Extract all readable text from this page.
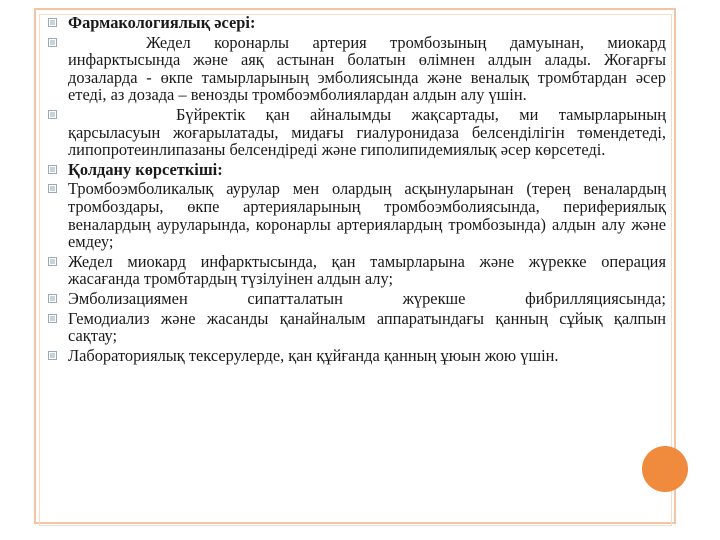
Фармакологиялық әсері:
Жедел коронарлы артерия тромбозының дамуынан, миокард инфарктысында және аяқ астынан болатын өлімнен алдын алады. Жоғарғы дозаларда - өкпе тамырларының эмболиясында және веналық тромбтардан әсер етеді, аз дозада – венозды тромбоэмболиялардан алдын алу үшін.
Бүйректік қан айналымды жақсартады, ми тамырларының қарсыласуын жоғарылатады, мидағы гиалуронидаза белсенділігін төмендетеді, липопротеинлипазаны белсендіреді және гиполипидемиялық әсер көрсетеді.
Қолдану көрсеткіші:
Тромбоэмболикалық аурулар мен олардың асқынуларынан (терең веналардың тромбоздары, өкпе артерияларының тромбоэмболиясында, перифериялық веналардың ауруларында, коронарлы артериялардың тромбозында) алдын алу және емдеу;
Жедел миокард инфарктысында, қан тамырларына және жүрекке операция жасағанда тромбтардың түзілуінен алдын алу;
Эмболизациямен сипатталатын жүрекше фибрилляциясында;
Гемодиализ және жасанды қанайналым аппаратындағы қанның сұйық қалпын сақтау;
Лабораториялық тексерулерде, қан құйғанда қанның ұюын жою үшін.
